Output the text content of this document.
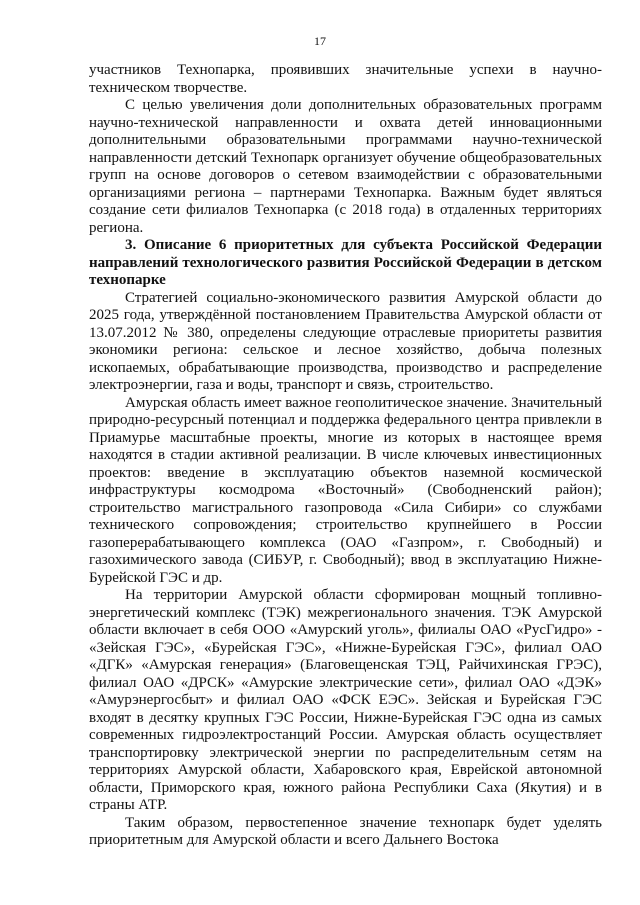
17

участников Технопарка, проявивших значительные успехи в научно-техническом творчестве.

С целью увеличения доли дополнительных образовательных программ научно-технической направленности и охвата детей инновационными дополнительными образовательными программами научно-технической направленности детский Технопарк организует обучение общеобразовательных групп на основе договоров о сетевом взаимодействии с образовательными организациями региона – партнерами Технопарка. Важным будет являться создание сети филиалов Технопарка (с 2018 года) в отдаленных территориях региона.

3. Описание 6 приоритетных для субъекта Российской Федерации направлений технологического развития Российской Федерации в детском технопарке

Стратегией социально-экономического развития Амурской области до 2025 года, утверждённой постановлением Правительства Амурской области от 13.07.2012 № 380, определены следующие отраслевые приоритеты развития экономики региона: сельское и лесное хозяйство, добыча полезных ископаемых, обрабатывающие производства, производство и распределение электроэнергии, газа и воды, транспорт и связь, строительство.

Амурская область имеет важное геополитическое значение. Значительный природно-ресурсный потенциал и поддержка федерального центра привлекли в Приамурье масштабные проекты, многие из которых в настоящее время находятся в стадии активной реализации. В числе ключевых инвестиционных проектов: введение в эксплуатацию объектов наземной космической инфраструктуры космодрома «Восточный» (Свободненский район); строительство магистрального газопровода «Сила Сибири» со службами технического сопровождения; строительство крупнейшего в России газоперерабатывающего комплекса (ОАО «Газпром», г. Свободный) и газохимического завода (СИБУР, г. Свободный); ввод в эксплуатацию Нижне-Бурейской ГЭС и др.

На территории Амурской области сформирован мощный топливно-энергетический комплекс (ТЭК) межрегионального значения. ТЭК Амурской области включает в себя ООО «Амурский уголь», филиалы ОАО «РусГидро» - «Зейская ГЭС», «Бурейская ГЭС», «Нижне-Бурейская ГЭС», филиал ОАО «ДГК» «Амурская генерация» (Благовещенская ТЭЦ, Райчихинская ГРЭС), филиал ОАО «ДРСК» «Амурские электрические сети», филиал ОАО «ДЭК» «Амурэнергосбыт» и филиал ОАО «ФСК ЕЭС». Зейская и Бурейская ГЭС входят в десятку крупных ГЭС России, Нижне-Бурейская ГЭС одна из самых современных гидроэлектростанций России. Амурская область осуществляет транспортировку электрической энергии по распределительным сетям на территориях Амурской области, Хабаровского края, Еврейской автономной области, Приморского края, южного района Республики Саха (Якутия) и в страны АТР.

Таким образом, первостепенное значение технопарк будет уделять приоритетным для Амурской области и всего Дальнего Востока
